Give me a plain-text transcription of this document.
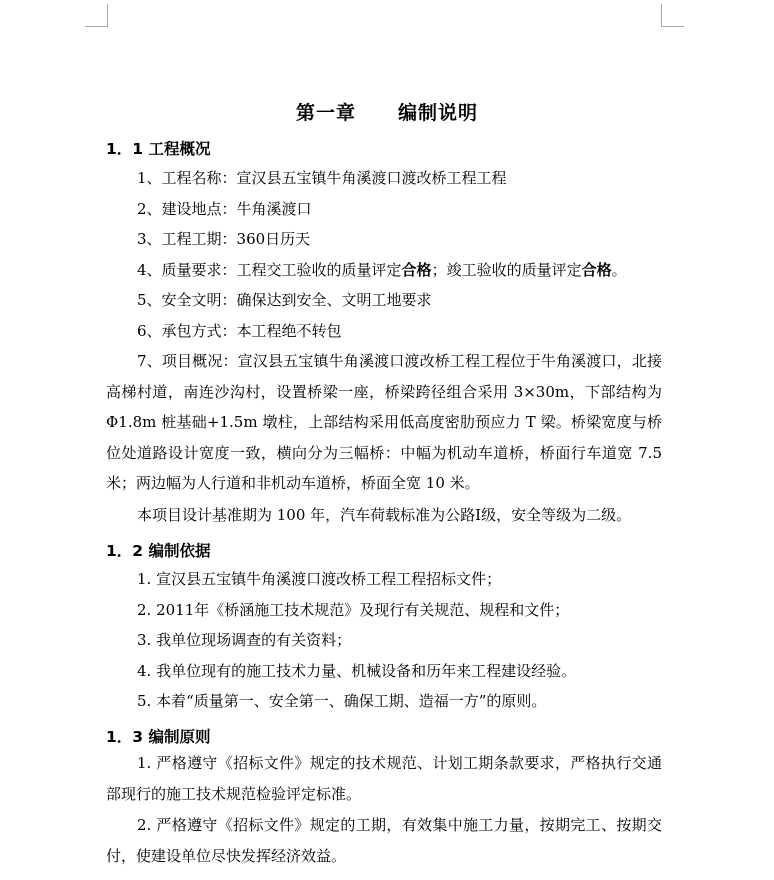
第一章 编制说明

1．1 工程概况

1、工程名称：宣汉县五宝镇牛角溪渡口渡改桥工程工程

2、建设地点：牛角溪渡口

3、工程工期：360日历天

4、质量要求：工程交工验收的质量评定合格；竣工验收的质量评定合格。

5、安全文明：确保达到安全、文明工地要求

6、承包方式：本工程绝不转包

7、项目概况：宣汉县五宝镇牛角溪渡口渡改桥工程工程位于牛角溪渡口，北接高梯村道，南连沙沟村，设置桥梁一座，桥梁跨径组合采用 3×30m，下部结构为Φ1.8m 桩基础+1.5m 墩柱，上部结构采用低高度密肋预应力 T 梁。桥梁宽度与桥位处道路设计宽度一致，横向分为三幅桥：中幅为机动车道桥，桥面行车道宽 7.5 米；两边幅为人行道和非机动车道桥，桥面全宽 10 米。

本项目设计基准期为 100 年，汽车荷载标准为公路Ⅰ级，安全等级为二级。

1．2 编制依据

1. 宣汉县五宝镇牛角溪渡口渡改桥工程工程招标文件；

2. 2011年《桥涵施工技术规范》及现行有关规范、规程和文件；

3. 我单位现场调查的有关资料；

4. 我单位现有的施工技术力量、机械设备和历年来工程建设经验。

5. 本着“质量第一、安全第一、确保工期、造福一方”的原则。

1．3 编制原则

1. 严格遵守《招标文件》规定的技术规范、计划工期条款要求，严格执行交通部现行的施工技术规范检验评定标准。

2. 严格遵守《招标文件》规定的工期，有效集中施工力量，按期完工、按期交付，使建设单位尽快发挥经济效益。
